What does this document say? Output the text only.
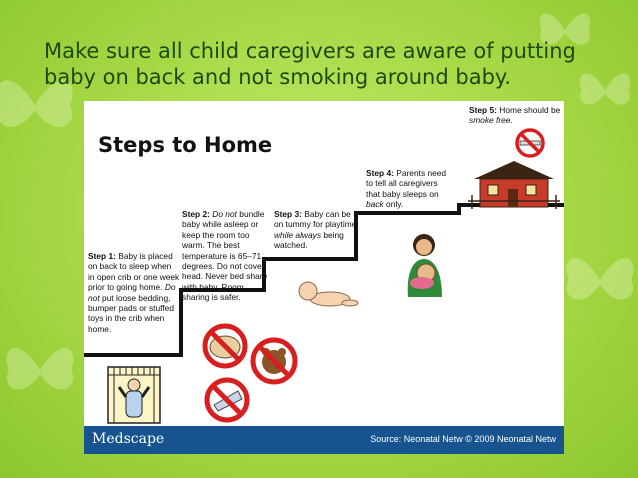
Make sure all child caregivers are aware of putting
baby on back and not smoking around baby.
Steps to Home
Step 1: Baby is placed on back to sleep when in open crib or one week prior to going home. Do not put loose bedding, bumper pads or stuffed toys in the crib when home.
Step 2: Do not bundle baby while asleep or keep the room too warm. The best temperature is 65–71 degrees. Do not cover head. Never bed share with baby. Room sharing is safer.
Step 3: Baby can be on tummy for playtime while always being watched.
Step 4: Parents need to tell all caregivers that baby sleeps on back only.
Step 5: Home should be smoke free.
Medscape	Source: Neonatal Netw © 2009 Neonatal Netw
